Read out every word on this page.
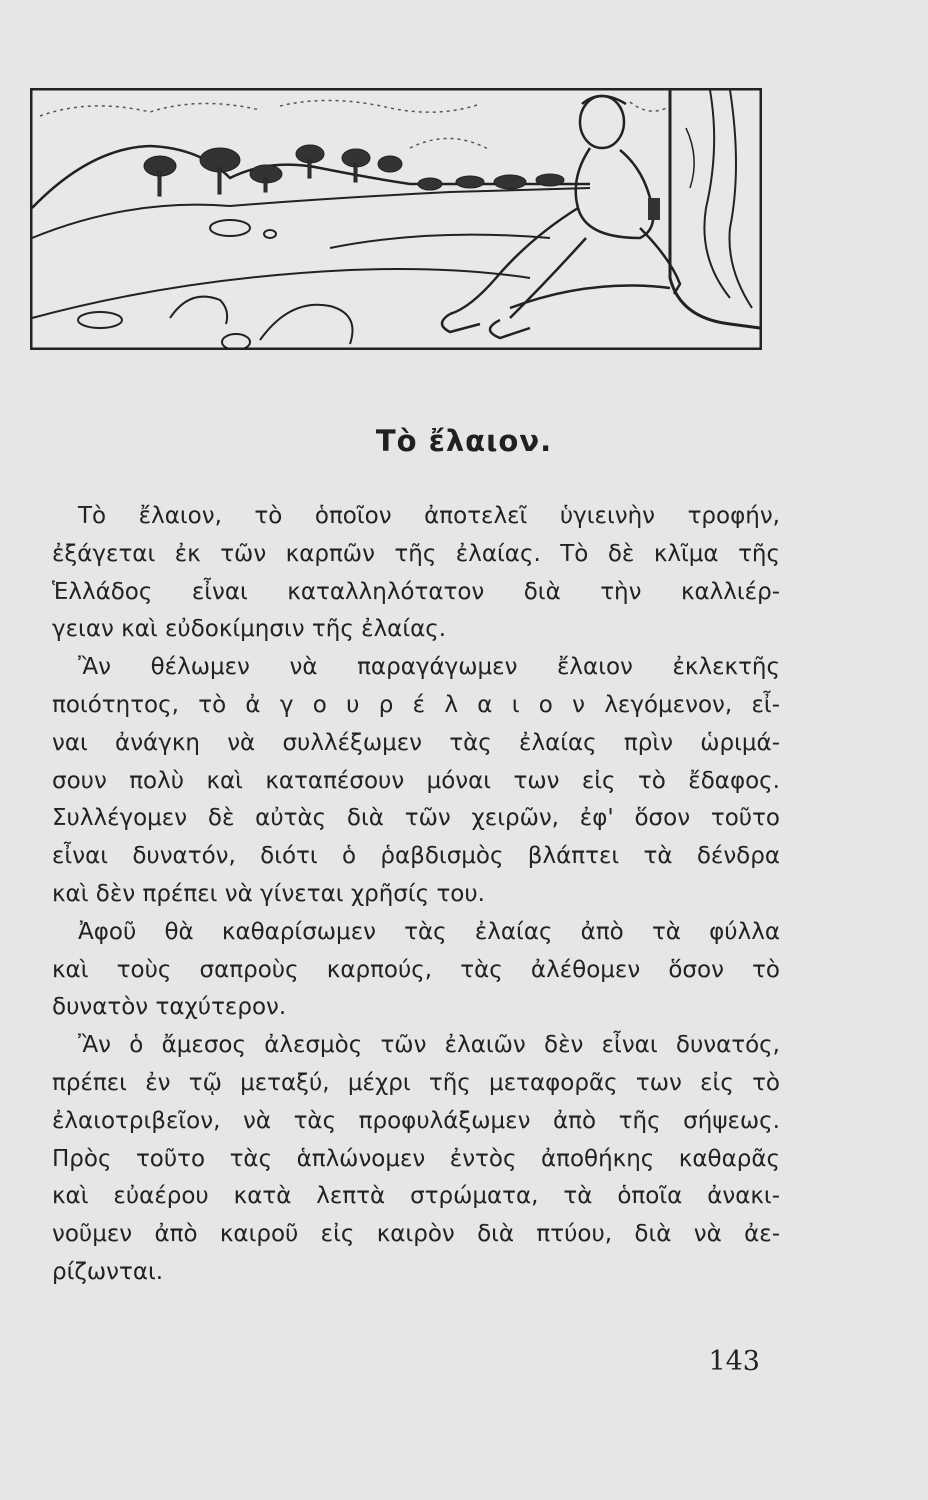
Τὸ ἔλαιον.
Τὸ ἔλαιον, τὸ ὁποῖον ἀποτελεῖ ὑγιεινὴν τροφήν,
ἐξάγεται ἐκ τῶν καρπῶν τῆς ἐλαίας. Τὸ δὲ κλῖμα τῆς
Ἑλλάδος εἶναι καταλληλότατον διὰ τὴν καλλιέρ-
γειαν καὶ εὐδοκίμησιν τῆς ἐλαίας.
Ἂν θέλωμεν νὰ παραγάγωμεν ἔλαιον ἐκλεκτῆς
ποιότητος, τὸ ἀ γ ο υ ρ έ λ α ι ο ν λεγόμενον, εἶ-
ναι ἀνάγκη νὰ συλλέξωμεν τὰς ἐλαίας πρὶν ὡριμά-
σουν πολὺ καὶ καταπέσουν μόναι των εἰς τὸ ἔδαφος.
Συλλέγομεν δὲ αὐτὰς διὰ τῶν χειρῶν, ἐφ' ὅσον τοῦτο
εἶναι δυνατόν, διότι ὁ ῥαβδισμὸς βλάπτει τὰ δένδρα
καὶ δὲν πρέπει νὰ γίνεται χρῆσίς του.
Ἀφοῦ θὰ καθαρίσωμεν τὰς ἐλαίας ἀπὸ τὰ φύλλα
καὶ τοὺς σαπροὺς καρπούς, τὰς ἀλέθομεν ὅσον τὸ
δυνατὸν ταχύτερον.
Ἂν ὁ ἄμεσος ἀλεσμὸς τῶν ἐλαιῶν δὲν εἶναι δυνατός,
πρέπει ἐν τῷ μεταξύ, μέχρι τῆς μεταφορᾶς των εἰς τὸ
ἐλαιοτριβεῖον, νὰ τὰς προφυλάξωμεν ἀπὸ τῆς σήψεως.
Πρὸς τοῦτο τὰς ἁπλώνομεν ἐντὸς ἀποθήκης καθαρᾶς
καὶ εὐαέρου κατὰ λεπτὰ στρώματα, τὰ ὁποῖα ἀνακι-
νοῦμεν ἀπὸ καιροῦ εἰς καιρὸν διὰ πτύου, διὰ νὰ ἀε-
ρίζωνται.
143
